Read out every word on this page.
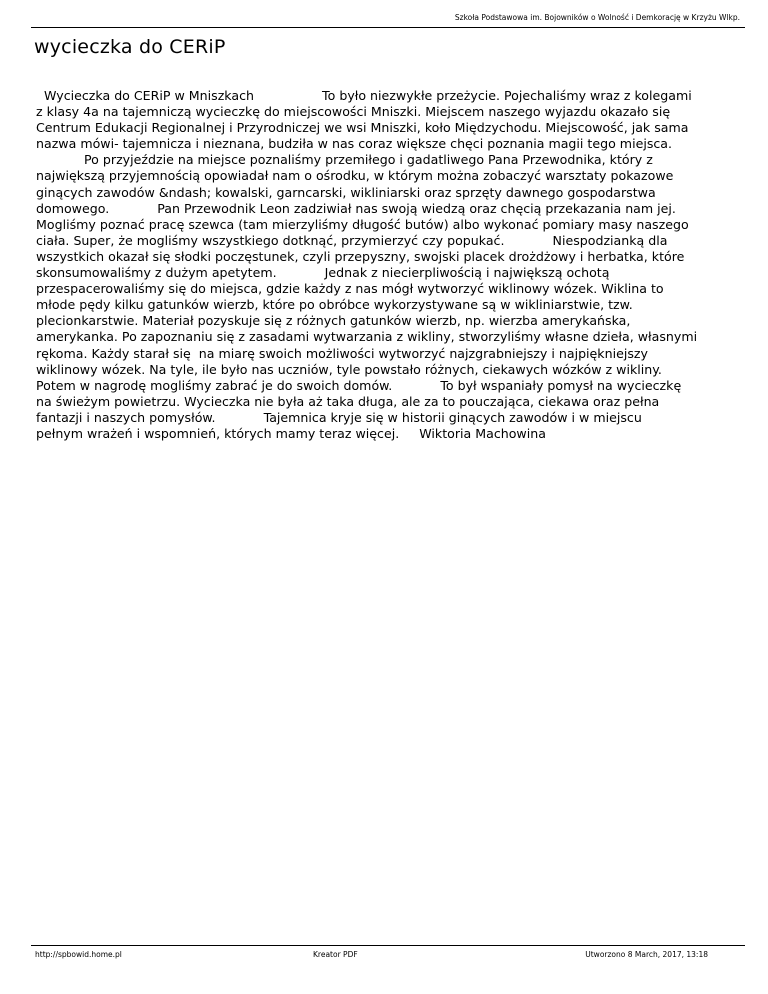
Szkoła Podstawowa im. Bojowników o Wolność i Demkorację w Krzyżu Wlkp.
wycieczka do CERiP
Wycieczka do CERiP w Mniszkach                 To było niezwykłe przeżycie. Pojechaliśmy wraz z kolegami
z klasy 4a na tajemniczą wycieczkę do miejscowości Mniszki. Miejscem naszego wyjazdu okazało się
Centrum Edukacji Regionalnej i Przyrodniczej we wsi Mniszki, koło Międzychodu. Miejscowość, jak sama
nazwa mówi- tajemnicza i nieznana, budziła w nas coraz większe chęci poznania magii tego miejsca.
Po przyjeździe na miejsce poznaliśmy przemiłego i gadatliwego Pana Przewodnika, który z
największą przyjemnością opowiadał nam o ośrodku, w którym można zobaczyć warsztaty pokazowe
ginących zawodów &ndash; kowalski, garncarski, wikliniarski oraz sprzęty dawnego gospodarstwa
domowego.            Pan Przewodnik Leon zadziwiał nas swoją wiedzą oraz chęcią przekazania nam jej.
Mogliśmy poznać pracę szewca (tam mierzyliśmy długość butów) albo wykonać pomiary masy naszego
ciała. Super, że mogliśmy wszystkiego dotknąć, przymierzyć czy popukać.            Niespodzianką dla
wszystkich okazał się słodki poczęstunek, czyli przepyszny, swojski placek drożdżowy i herbatka, które
skonsumowaliśmy z dużym apetytem.            Jednak z niecierpliwością i największą ochotą
przespacerowaliśmy się do miejsca, gdzie każdy z nas mógł wytworzyć wiklinowy wózek. Wiklina to
młode pędy kilku gatunków wierzb, które po obróbce wykorzystywane są w wikliniarstwie, tzw.
plecionkarstwie. Materiał pozyskuje się z różnych gatunków wierzb, np. wierzba amerykańska,
amerykanka. Po zapoznaniu się z zasadami wytwarzania z wikliny, stworzyliśmy własne dzieła, własnymi
rękoma. Każdy starał się  na miarę swoich możliwości wytworzyć najzgrabniejszy i najpiękniejszy
wiklinowy wózek. Na tyle, ile było nas uczniów, tyle powstało różnych, ciekawych wózków z wikliny.
Potem w nagrodę mogliśmy zabrać je do swoich domów.            To był wspaniały pomysł na wycieczkę
na świeżym powietrzu. Wycieczka nie była aż taka długa, ale za to pouczająca, ciekawa oraz pełna
fantazji i naszych pomysłów.            Tajemnica kryje się w historii ginących zawodów i w miejscu
pełnym wrażeń i wspomnień, których mamy teraz więcej.     Wiktoria Machowina
http://spbowid.home.pl	Kreator PDF	Utworzono 8 March, 2017, 13:18
